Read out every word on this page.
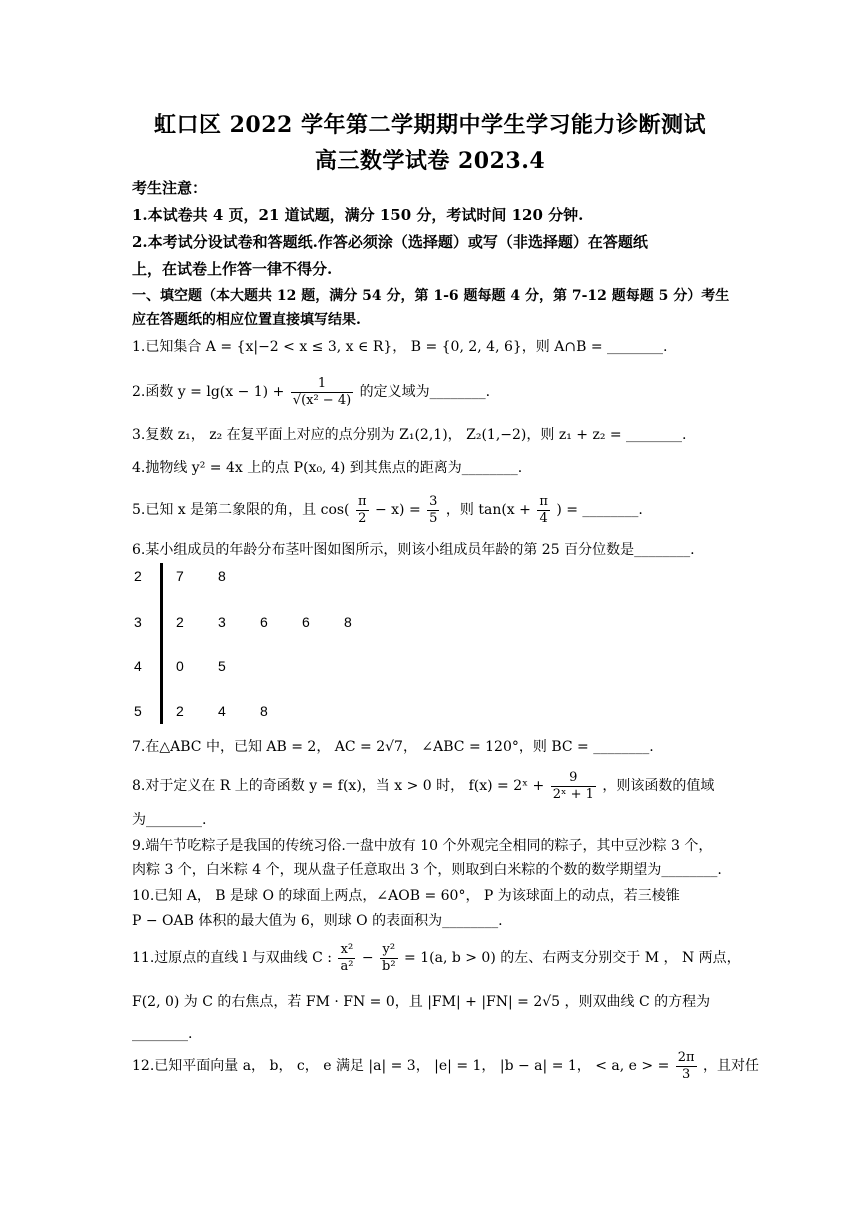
虹口区 2022 学年第二学期期中学生学习能力诊断测试
高三数学试卷 2023.4
考生注意：
1.本试卷共 4 页，21 道试题，满分 150 分，考试时间 120 分钟.
2.本考试分设试卷和答题纸.作答必须涂（选择题）或写（非选择题）在答题纸
上，在试卷上作答一律不得分.
一、填空题（本大题共 12 题，满分 54 分，第 1-6 题每题 4 分，第 7-12 题每题 5 分）考生
应在答题纸的相应位置直接填写结果.
1.已知集合 A = {x|−2 < x ≤ 3, x ∈ R}， B = {0, 2, 4, 6}，则 A∩B = ________.
2.函数 $y = \lg(x - 1) + \frac{1}{\text{√(x² − 4)}}$ 的定义域为________.
3.复数 z₁， z₂ 在复平面上对应的点分别为 Z₁(2,1)， Z₂(1,−2)，则 z₁ + z₂ = ________.
4.抛物线 y² = 4x 上的点 P(x₀, 4) 到其焦点的距离为________.
5.已知 x 是第二象限的角，且 $\cos( \frac{\pi}{2} - x) = \frac{3}{5}$ ，则 $\tan(x + \frac{\pi}{4}$ ) = ________.
6.某小组成员的年龄分布茎叶图如图所示，则该小组成员年龄的第 25 百分位数是________.
2 7 8
3 2 3 6 6 8
4 0 5
5 2 4 8
7.在△ABC 中，已知 AB = 2， AC = 2√7， ∠ABC = 120°，则 BC = ________.
8.对于定义在 R 上的奇函数 y = f(x)，当 x > 0 时， f(x) = 2ˣ + $\frac{9}{\text{2ˣ + 1}}$ ，则该函数的值域
为________.
9.端午节吃粽子是我国的传统习俗.一盘中放有 10 个外观完全相同的粽子，其中豆沙粽 3 个，
肉粽 3 个，白米粽 4 个，现从盘子任意取出 3 个，则取到白米粽的个数的数学期望为________.
10.已知 A， B 是球 O 的球面上两点，∠AOB = 60°， P 为该球面上的动点，若三棱锥
P − OAB 体积的最大值为 6，则球 O 的表面积为________.
11.过原点的直线 l 与双曲线 C : $\frac{\text{x²}}{\text{a²}} - \frac{\text{y²}}{\text{b²}} = 1(a$, b > 0) 的左、右两支分别交于 M ， N 两点，
F(2, 0) 为 C 的右焦点，若 FM · FN = 0，且 |FM| + |FN| = 2√5 ，则双曲线 C 的方程为
________.
12.已知平面向量 a， b， c， e 满足 |a| = 3， |e| = 1， |b − a| = 1， < a, e > = $\frac{2\pi}{3}$ ，且对任
